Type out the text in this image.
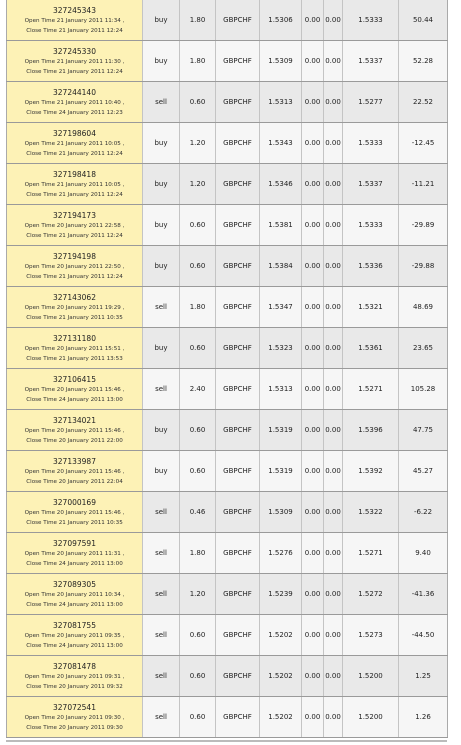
327245343
Open Time 21 January 2011 11:34 ,
Close Time 21 January 2011 12:24	buy	1.80	GBPCHF	1.5306	0.00	0.00	1.5333	50.44

327245330
Open Time 21 January 2011 11:30 ,
Close Time 21 January 2011 12:24	buy	1.80	GBPCHF	1.5309	0.00	0.00	1.5337	52.28

327244140
Open Time 21 January 2011 10:40 ,
Close Time 24 January 2011 12:23	sell	0.60	GBPCHF	1.5313	0.00	0.00	1.5277	22.52

327198604
Open Time 21 January 2011 10:05 ,
Close Time 21 January 2011 12:24	buy	1.20	GBPCHF	1.5343	0.00	0.00	1.5333	-12.45

327198418
Open Time 21 January 2011 10:05 ,
Close Time 21 January 2011 12:24	buy	1.20	GBPCHF	1.5346	0.00	0.00	1.5337	-11.21

327194173
Open Time 20 January 2011 22:58 ,
Close Time 21 January 2011 12:24	buy	0.60	GBPCHF	1.5381	0.00	0.00	1.5333	-29.89

327194198
Open Time 20 January 2011 22:50 ,
Close Time 21 January 2011 12:24	buy	0.60	GBPCHF	1.5384	0.00	0.00	1.5336	-29.88

327143062
Open Time 20 January 2011 19:29 ,
Close Time 21 January 2011 10:35	sell	1.80	GBPCHF	1.5347	0.00	0.00	1.5321	48.69

327131180
Open Time 20 January 2011 15:51 ,
Close Time 21 January 2011 13:53	buy	0.60	GBPCHF	1.5323	0.00	0.00	1.5361	23.65

327106415
Open Time 20 January 2011 15:46 ,
Close Time 24 January 2011 13:00	sell	2.40	GBPCHF	1.5313	0.00	0.00	1.5271	105.28

327134021
Open Time 20 January 2011 15:46 ,
Close Time 20 January 2011 22:00	buy	0.60	GBPCHF	1.5319	0.00	0.00	1.5396	47.75

327133987
Open Time 20 January 2011 15:46 ,
Close Time 20 January 2011 22:04	buy	0.60	GBPCHF	1.5319	0.00	0.00	1.5392	45.27

327000169
Open Time 20 January 2011 15:46 ,
Close Time 21 January 2011 10:35	sell	0.46	GBPCHF	1.5309	0.00	0.00	1.5322	-6.22

327097591
Open Time 20 January 2011 11:31 ,
Close Time 24 January 2011 13:00	sell	1.80	GBPCHF	1.5276	0.00	0.00	1.5271	9.40

327089305
Open Time 20 January 2011 10:34 ,
Close Time 24 January 2011 13:00	sell	1.20	GBPCHF	1.5239	0.00	0.00	1.5272	-41.36

327081755
Open Time 20 January 2011 09:35 ,
Close Time 24 January 2011 13:00	sell	0.60	GBPCHF	1.5202	0.00	0.00	1.5273	-44.50

327081478
Open Time 20 January 2011 09:31 ,
Close Time 20 January 2011 09:32	sell	0.60	GBPCHF	1.5202	0.00	0.00	1.5200	1.25

327072541
Open Time 20 January 2011 09:30 ,
Close Time 20 January 2011 09:30	sell	0.60	GBPCHF	1.5202	0.00	0.00	1.5200	1.26
